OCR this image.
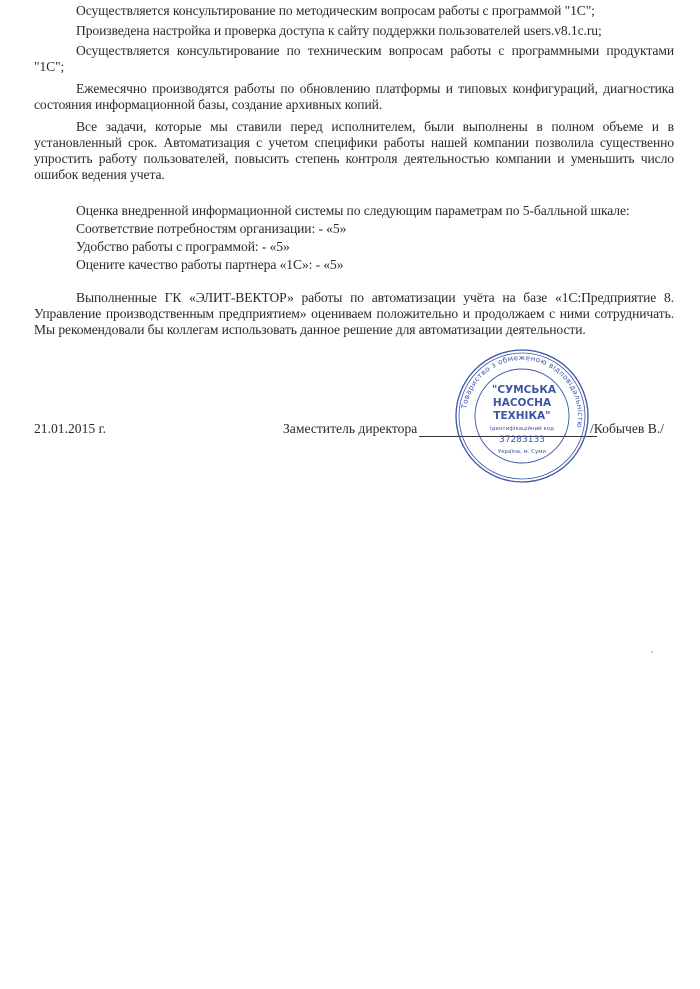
Осуществляется консультирование по методическим вопросам работы с программой "1С";
Произведена настройка и проверка доступа к сайту поддержки пользователей users.v8.1c.ru;
Осуществляется консультирование по техническим вопросам работы с программными продуктами "1С";
Ежемесячно производятся работы по обновлению платформы и типовых конфигураций, диагностика состояния информационной базы, создание архивных копий.
Все задачи, которые мы ставили перед исполнителем, были выполнены в полном объеме и в установленный срок. Автоматизация с учетом специфики работы нашей компании позволила существенно упростить работу пользователей, повысить степень контроля деятельностью компании и уменьшить число ошибок ведения учета.
Оценка внедренной информационной системы по следующим параметрам по 5-балльной шкале:
Соответствие потребностям организации: - «5»
Удобство работы с программой: - «5»
Оцените качество работы партнера «1С»: - «5»
Выполненные ГК «ЭЛИТ-ВЕКТОР» работы по автоматизации учёта на базе «1С:Предприятие 8. Управление производственным предприятием» оцениваем положительно и продолжаем с ними сотрудничать. Мы рекомендовали бы коллегам использовать данное решение для автоматизации деятельности.
21.01.2015 г.	Заместитель директора	/Кобычев В./
Товариство з обмеженою відповідальністю
"СУМСЬКА
НАСОСНА
ТЕХНІКА"
Ідентифікаційний код
37283133
Україна, м. Суми
